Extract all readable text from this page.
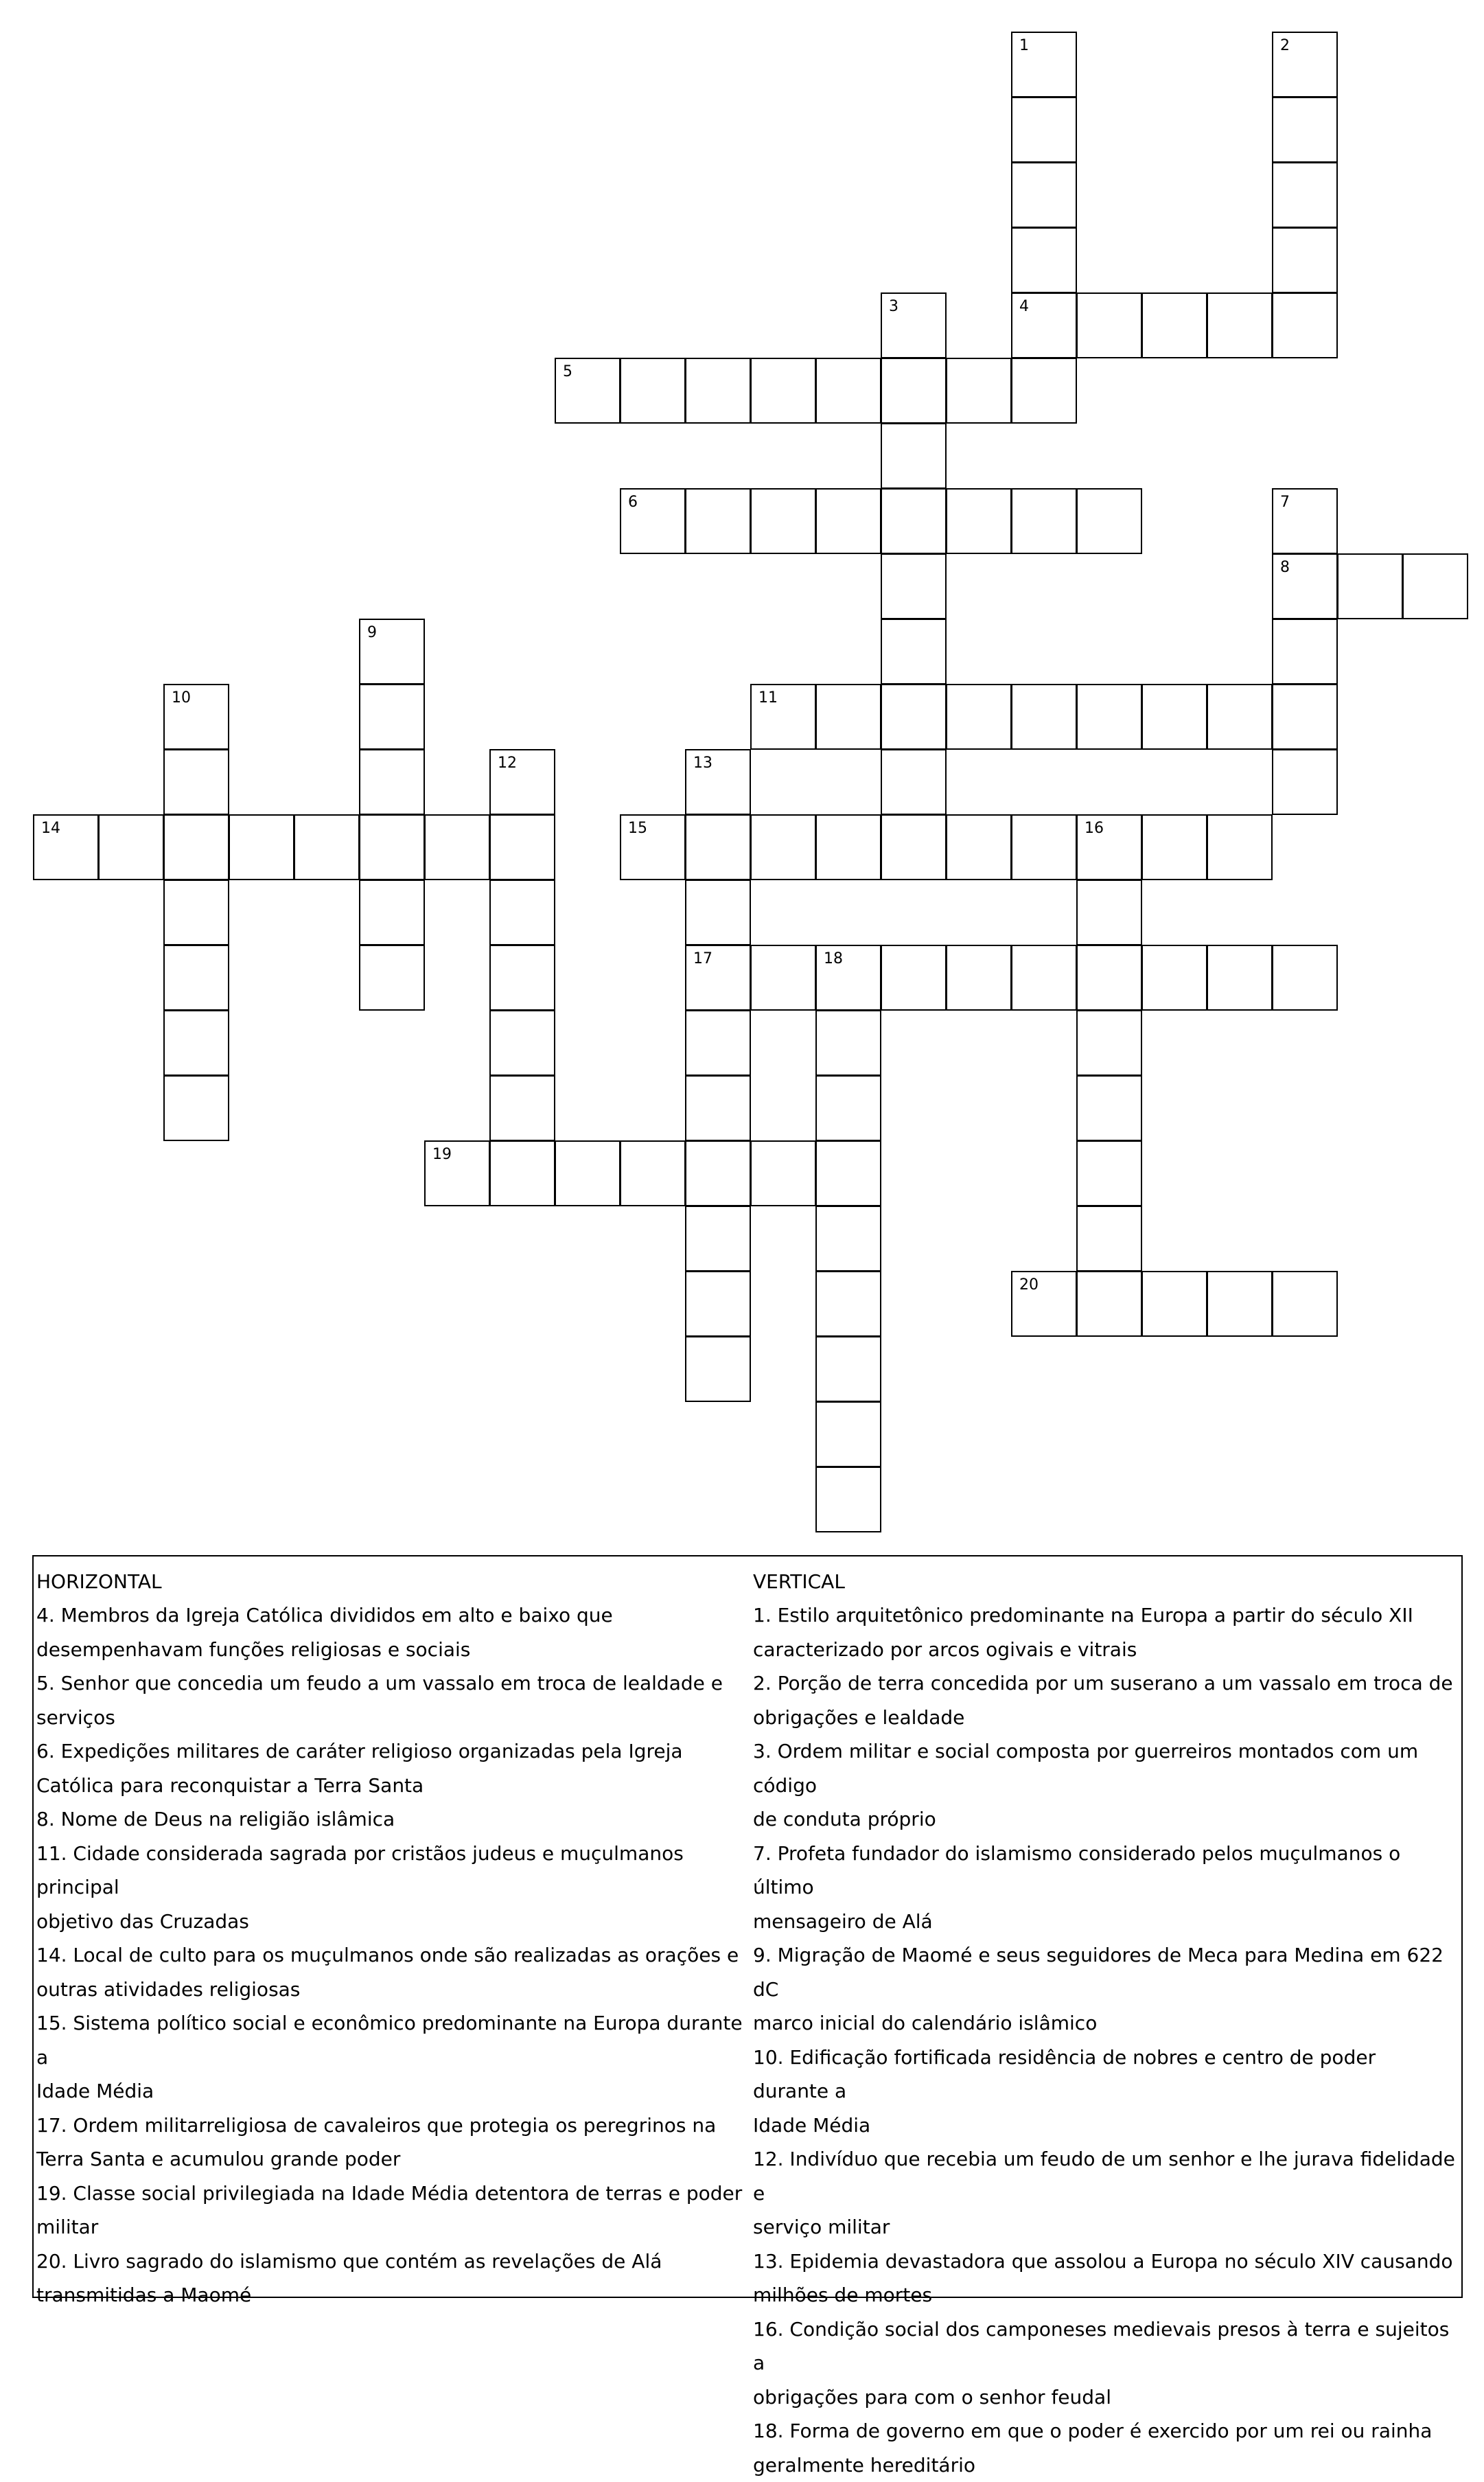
1	2
3	4
5
6	7
8
9
10	11
12	13
14	15	16
17	18
19
20
HORIZONTAL
4. Membros da Igreja Católica divididos em alto e baixo que
desempenhavam funções religiosas e sociais
5. Senhor que concedia um feudo a um vassalo em troca de lealdade e
serviços
6. Expedições militares de caráter religioso organizadas pela Igreja
Católica para reconquistar a Terra Santa
8. Nome de Deus na religião islâmica
11. Cidade considerada sagrada por cristãos judeus e muçulmanos principal
objetivo das Cruzadas
14. Local de culto para os muçulmanos onde são realizadas as orações e
outras atividades religiosas
15. Sistema político social e econômico predominante na Europa durante a
Idade Média
17. Ordem militarreligiosa de cavaleiros que protegia os peregrinos na
Terra Santa e acumulou grande poder
19. Classe social privilegiada na Idade Média detentora de terras e poder
militar
20. Livro sagrado do islamismo que contém as revelações de Alá
transmitidas a Maomé
VERTICAL
1. Estilo arquitetônico predominante na Europa a partir do século XII
caracterizado por arcos ogivais e vitrais
2. Porção de terra concedida por um suserano a um vassalo em troca de
obrigações e lealdade
3. Ordem militar e social composta por guerreiros montados com um código
de conduta próprio
7. Profeta fundador do islamismo considerado pelos muçulmanos o último
mensageiro de Alá
9. Migração de Maomé e seus seguidores de Meca para Medina em 622 dC
marco inicial do calendário islâmico
10. Edificação fortificada residência de nobres e centro de poder durante a
Idade Média
12. Indivíduo que recebia um feudo de um senhor e lhe jurava fidelidade e
serviço militar
13. Epidemia devastadora que assolou a Europa no século XIV causando
milhões de mortes
16. Condição social dos camponeses medievais presos à terra e sujeitos a
obrigações para com o senhor feudal
18. Forma de governo em que o poder é exercido por um rei ou rainha
geralmente hereditário
